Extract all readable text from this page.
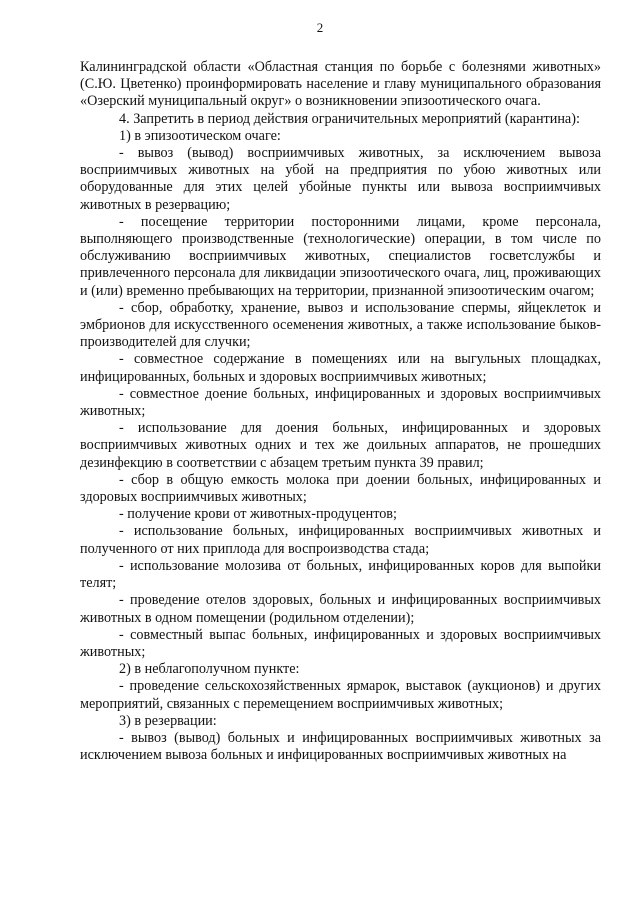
2

Калининградской области «Областная станция по борьбе с болезнями животных» (С.Ю. Цветенко) проинформировать население и главу муниципального образования «Озерский муниципальный округ» о возникновении эпизоотического очага.

4. Запретить в период действия ограничительных мероприятий (карантина):

1) в эпизоотическом очаге:

- вывоз (вывод) восприимчивых животных, за исключением вывоза восприимчивых животных на убой на предприятия по убою животных или оборудованные для этих целей убойные пункты или вывоза восприимчивых животных в резервацию;

- посещение территории посторонними лицами, кроме персонала, выполняющего производственные (технологические) операции, в том числе по обслуживанию восприимчивых животных, специалистов госветслужбы и привлеченного персонала для ликвидации эпизоотического очага, лиц, проживающих и (или) временно пребывающих на территории, признанной эпизоотическим очагом;

- сбор, обработку, хранение, вывоз и использование спермы, яйцеклеток и эмбрионов для искусственного осеменения животных, а также использование быков-производителей для случки;

- совместное содержание в помещениях или на выгульных площадках, инфицированных, больных и здоровых восприимчивых животных;

- совместное доение больных, инфицированных и здоровых восприимчивых животных;

- использование для доения больных, инфицированных и здоровых восприимчивых животных одних и тех же доильных аппаратов, не прошедших дезинфекцию в соответствии с абзацем третьим пункта 39 правил;

- сбор в общую емкость молока при доении больных, инфицированных и здоровых восприимчивых животных;

- получение крови от животных-продуцентов;

- использование больных, инфицированных восприимчивых животных и полученного от них приплода для воспроизводства стада;

- использование молозива от больных, инфицированных коров для выпойки телят;

- проведение отелов здоровых, больных и инфицированных восприимчивых животных в одном помещении (родильном отделении);

- совместный выпас больных, инфицированных и здоровых восприимчивых животных;

2) в неблагополучном пункте:

- проведение сельскохозяйственных ярмарок, выставок (аукционов) и других мероприятий, связанных с перемещением восприимчивых животных;

3) в резервации:

- вывоз (вывод) больных и инфицированных восприимчивых животных за исключением вывоза больных и инфицированных восприимчивых животных на
